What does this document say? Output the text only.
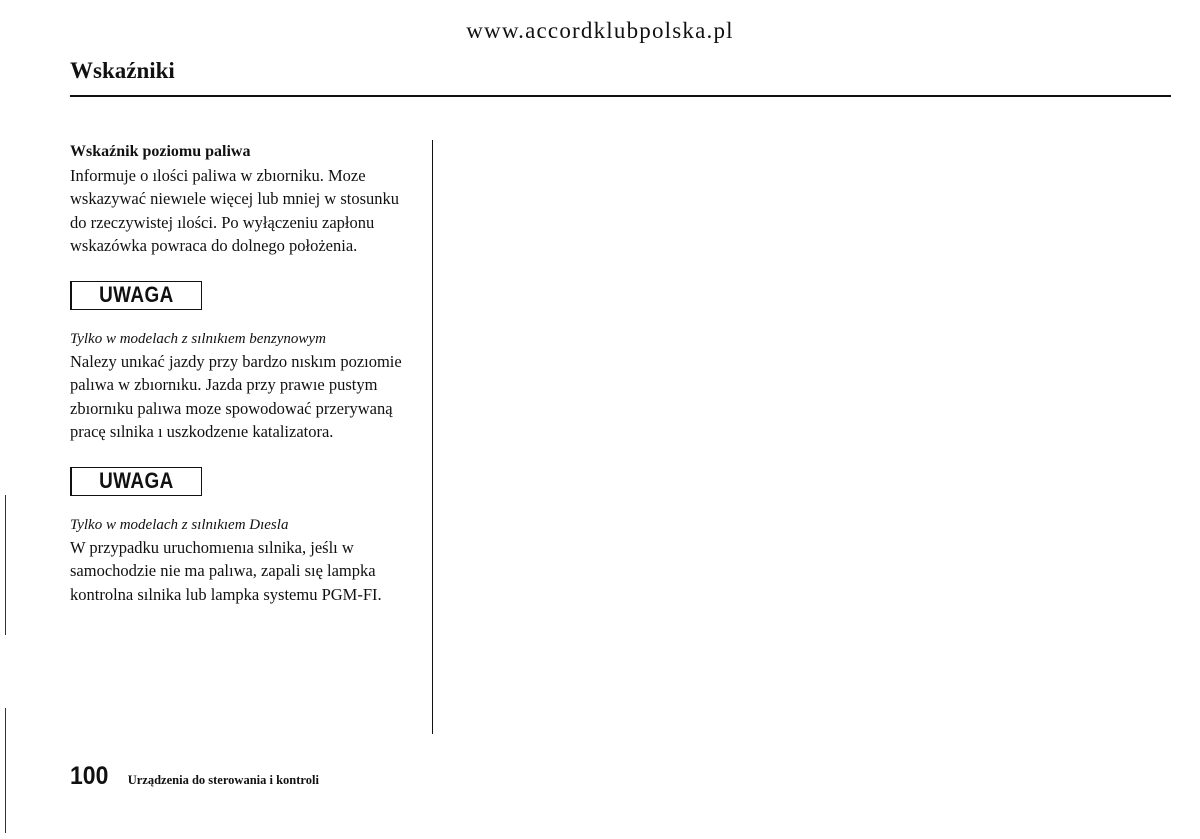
www.accordklubpolska.pl
Wskaźniki

Wskaźnik poziomu paliwa

Informuje o ılości paliwa w zbıorniku. Moze wskazywać niewıele więcej lub mniej w stosunku do rzeczywistej ılości. Po wyłączeniu zapłonu wskazówka powraca do dolnego położenia.

UWAGA

Tylko w modelach z sılnıkıem benzynowym

Nalezy unıkać jazdy przy bardzo nıskım pozıomie palıwa w zbıornıku. Jazda przy prawıe pustym zbıornıku palıwa moze spowodować przerywaną pracę sılnika ı uszkodzenıe katalizatora.

UWAGA

Tylko w modelach z sılnıkıem Dıesla

W przypadku uruchomıenıa sılnika, jeślı w samochodzie nie ma palıwa, zapali sıę lampka kontrolna sılnika lub lampka systemu PGM-FI.

100 Urządzenia do sterowania i kontroli
